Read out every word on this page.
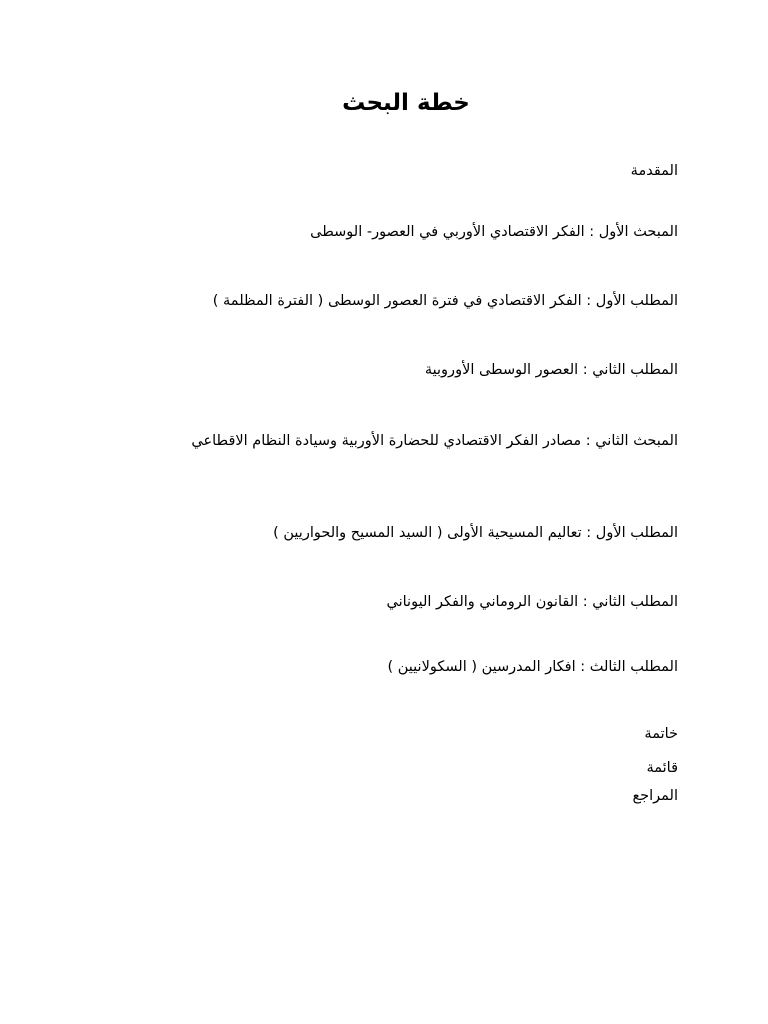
خطة البحث
المقدمة
المبحث الأول : الفكر الاقتصادي الأوربي في العصور- الوسطى
المطلب الأول : الفكر الاقتصادي في فترة العصور الوسطى ( الفترة المظلمة )
المطلب الثاني : العصور الوسطى الأوروبية
المبحث الثاني : مصادر الفكر الاقتصادي للحضارة الأوربية وسيادة النظام الاقطاعي
المطلب الأول : تعاليم المسيحية الأولى ( السيد المسيح والحواريين )
المطلب الثاني : القانون الروماني والفكر اليوناني
المطلب الثالث : افكار المدرسين ( السكولانيين )
خاتمة
قائمة
المراجع
